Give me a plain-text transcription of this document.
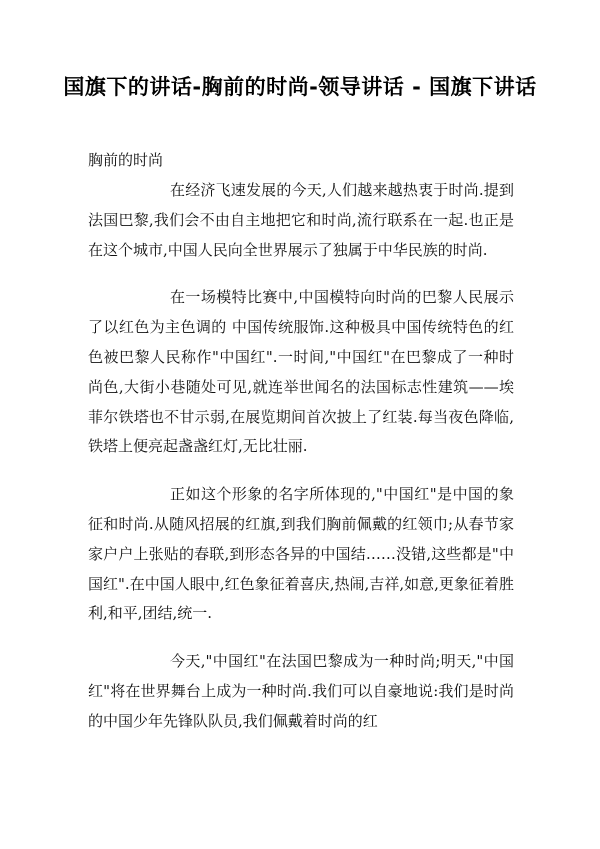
国旗下的讲话-胸前的时尚-领导讲话 - 国旗下讲话

胸前的时尚

在经济飞速发展的今天,人们越来越热衷于时尚.提到法国巴黎,我们会不由自主地把它和时尚,流行联系在一起.也正是在这个城市,中国人民向全世界展示了独属于中华民族的时尚.

在一场模特比赛中,中国模特向时尚的巴黎人民展示了以红色为主色调的 中国传统服饰.这种极具中国传统特色的红色被巴黎人民称作"中国红".一时间,"中国红"在巴黎成了一种时尚色,大街小巷随处可见,就连举世闻名的法国标志性建筑——埃菲尔铁塔也不甘示弱,在展览期间首次披上了红装.每当夜色降临,铁塔上便亮起盏盏红灯,无比壮丽.

正如这个形象的名字所体现的,"中国红"是中国的象征和时尚.从随风招展的红旗,到我们胸前佩戴的红领巾;从春节家家户户上张贴的春联,到形态各异的中国结……没错,这些都是"中国红".在中国人眼中,红色象征着喜庆,热闹,吉祥,如意,更象征着胜利,和平,团结,统一.

今天,"中国红"在法国巴黎成为一种时尚;明天,"中国红"将在世界舞台上成为一种时尚.我们可以自豪地说:我们是时尚的中国少年先锋队队员,我们佩戴着时尚的红
